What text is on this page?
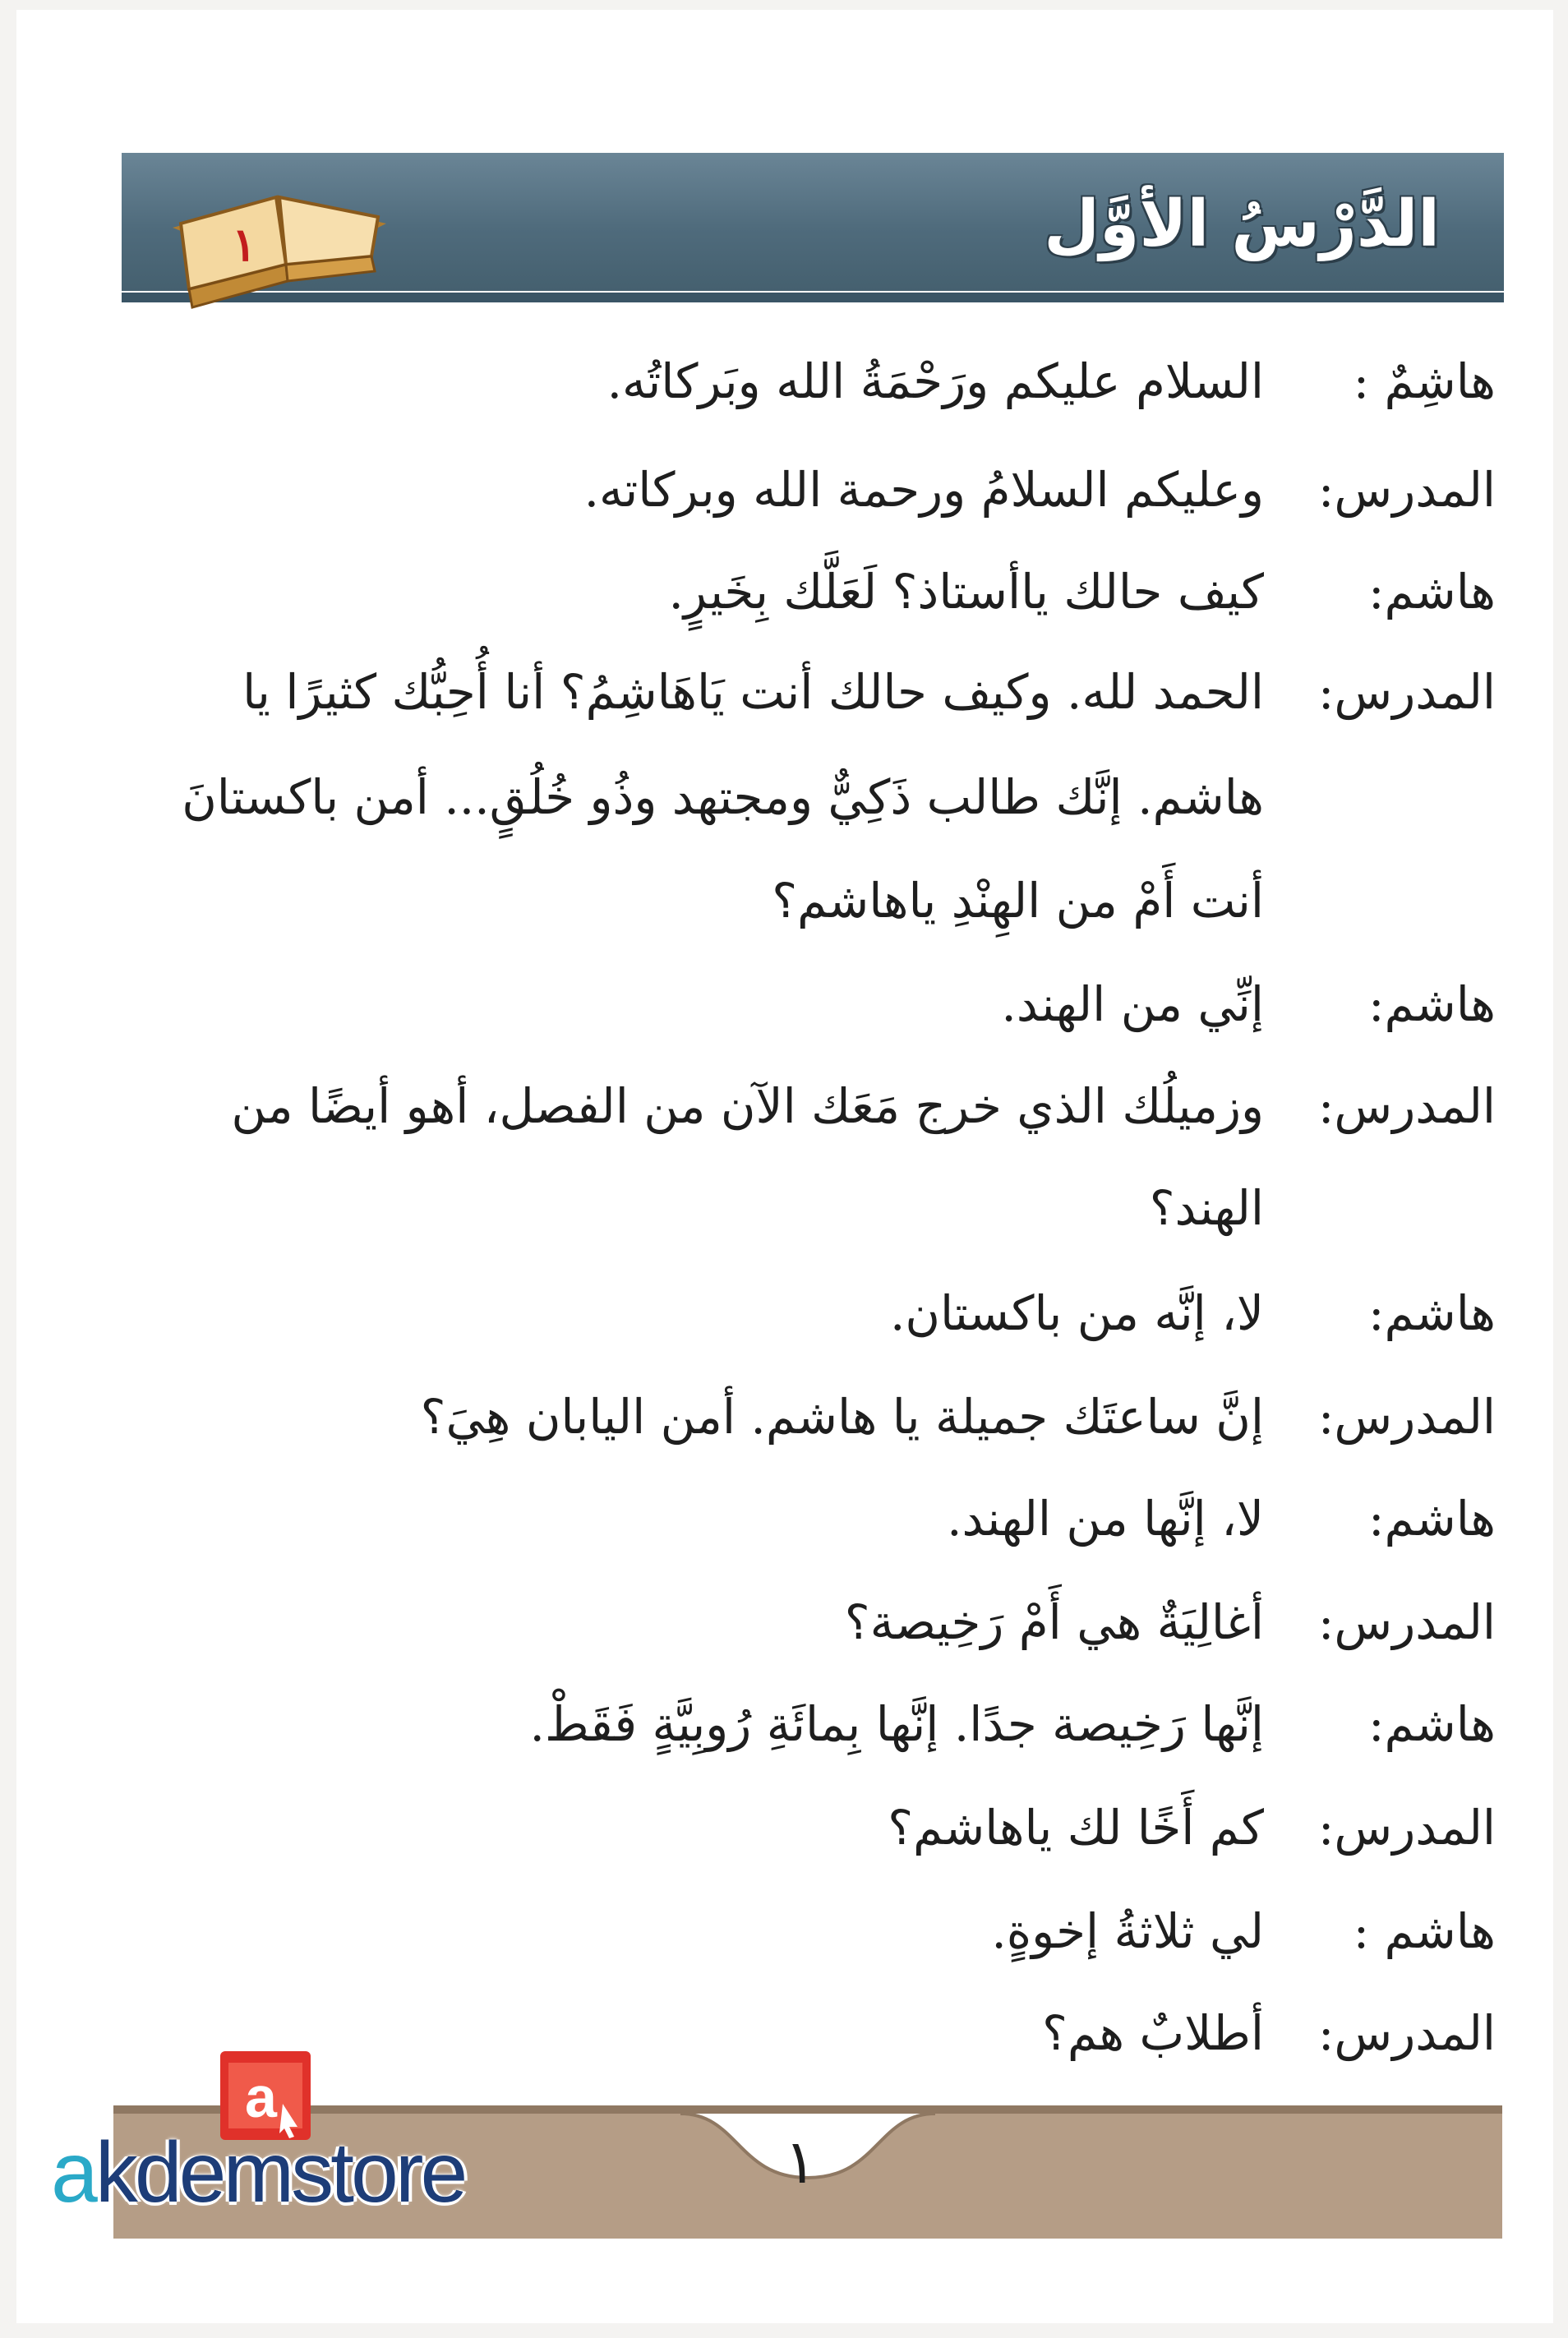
الدَّرْسُ الأوَّل
١
هاشِمٌ :
السلام عليكم ورَحْمَةُ الله وبَركاتُه.
المدرس:
وعليكم السلامُ ورحمة الله وبركاته.
هاشم:
كيف حالك ياأستاذ؟ لَعَلَّك بِخَيرٍ.
المدرس:
الحمد لله. وكيف حالك أنت يَاهَاشِمُ؟ أنا أُحِبُّك كثيرًا يا
هاشم. إنَّك طالب ذَكِيٌّ ومجتهد وذُو خُلُقٍ... أمن باكستانَ
أنت أَمْ من الهِنْدِ ياهاشم؟
هاشم:
إنِّي من الهند.
المدرس:
وزميلُك الذي خرج مَعَك الآن من الفصل، أهو أيضًا من
الهند؟
هاشم:
لا، إنَّه من باكستان.
المدرس:
إنَّ ساعتَك جميلة يا هاشم. أمن اليابان هِيَ؟
هاشم:
لا، إنَّها من الهند.
المدرس:
أغالِيَةٌ هي أَمْ رَخِيصة؟
هاشم:
إنَّها رَخِيصة جدًا. إنَّها بِمائَةِ رُوبِيَّةٍ فَقَطْ.
المدرس:
كم أَخًا لك ياهاشم؟
هاشم :
لي ثلاثةُ إخوةٍ.
المدرس:
أطلابٌ هم؟
١
a
akdemstore
